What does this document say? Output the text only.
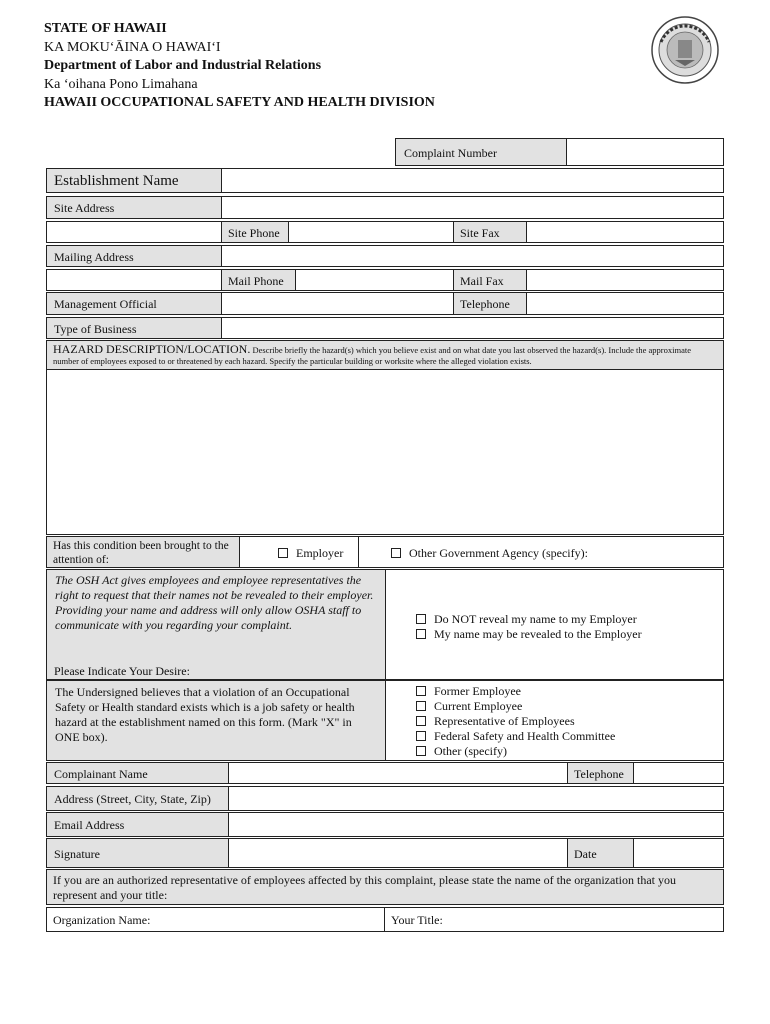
STATE OF HAWAII
KA MOKUʻĀINA O HAWAIʻI
Department of Labor and Industrial Relations
Ka ʻoihana Pono Limahana
HAWAII OCCUPATIONAL SAFETY AND HEALTH DIVISION
Complaint Number
Establishment Name
Site Address
Site Phone	Site Fax
Mailing Address
Mail Phone	Mail Fax
Management Official	Telephone
Type of Business
HAZARD DESCRIPTION/LOCATION. Describe briefly the hazard(s) which you believe exist and on what date you last observed the hazard(s). Include the approximate number of employees exposed to or threatened by each hazard. Specify the particular building or worksite where the alleged violation exists.
Has this condition been brought to the attention of:	Employer	Other Government Agency (specify):
The OSH Act gives employees and employee representatives the right to request that their names not be revealed to their employer. Providing your name and address will only allow OSHA staff to communicate with you regarding your complaint.
Please Indicate Your Desire:
Do NOT reveal my name to my Employer
My name may be revealed to the Employer
The Undersigned believes that a violation of an Occupational Safety or Health standard exists which is a job safety or health hazard at the establishment named on this form. (Mark "X" in ONE box).
Former Employee
Current Employee
Representative of Employees
Federal Safety and Health Committee
Other (specify)
Complainant Name	Telephone
Address (Street, City, State, Zip)
Email Address
Signature	Date
If you are an authorized representative of employees affected by this complaint, please state the name of the organization that you represent and your title:
Organization Name:	Your Title:
